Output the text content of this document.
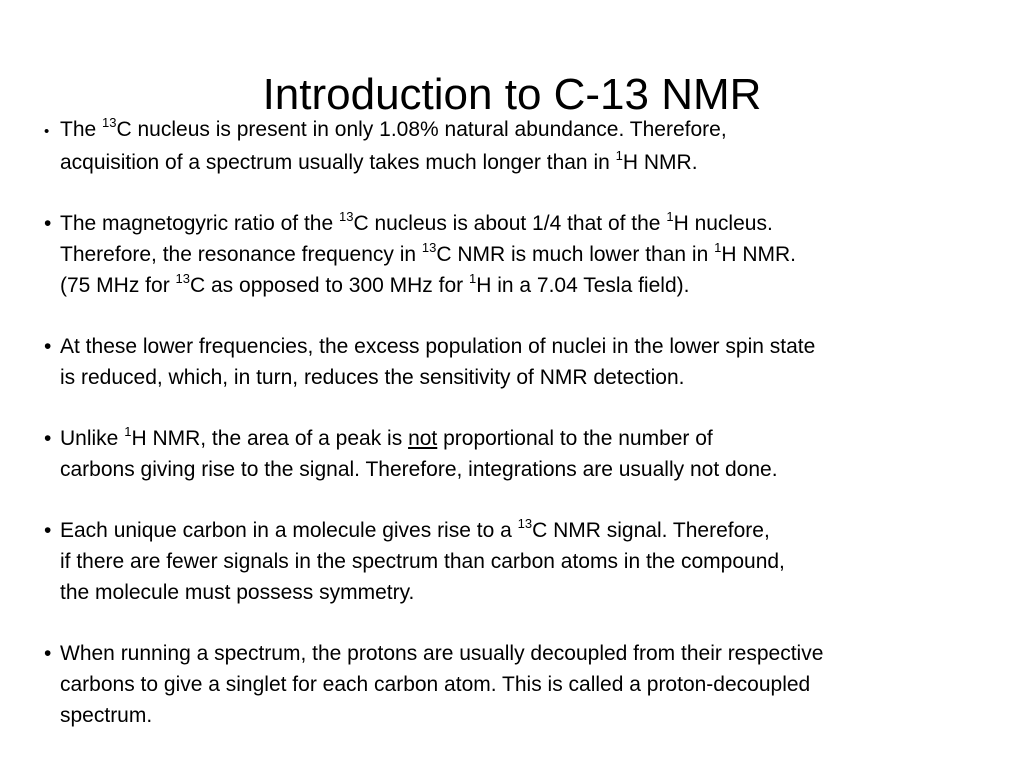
Introduction to C-13 NMR
• The $^{13}$C nucleus is present in only 1.08% natural abundance. Therefore,
acquisition of a spectrum usually takes much longer than in $^1$H NMR.
• The magnetogyric ratio of the $^{13}$C nucleus is about 1/4 that of the $^1$H nucleus.
Therefore, the resonance frequency in $^{13}$C NMR is much lower than in $^1$H NMR.
(75 MHz for $^{13}$C as opposed to 300 MHz for $^1$H in a 7.04 Tesla field).
• At these lower frequencies, the excess population of nuclei in the lower spin state
is reduced, which, in turn, reduces the sensitivity of NMR detection.
• Unlike $^1$H NMR, the area of a peak is not proportional to the number of
carbons giving rise to the signal. Therefore, integrations are usually not done.
• Each unique carbon in a molecule gives rise to a $^{13}$C NMR signal. Therefore,
if there are fewer signals in the spectrum than carbon atoms in the compound,
the molecule must possess symmetry.
• When running a spectrum, the protons are usually decoupled from their respective
carbons to give a singlet for each carbon atom. This is called a proton-decoupled
spectrum.
